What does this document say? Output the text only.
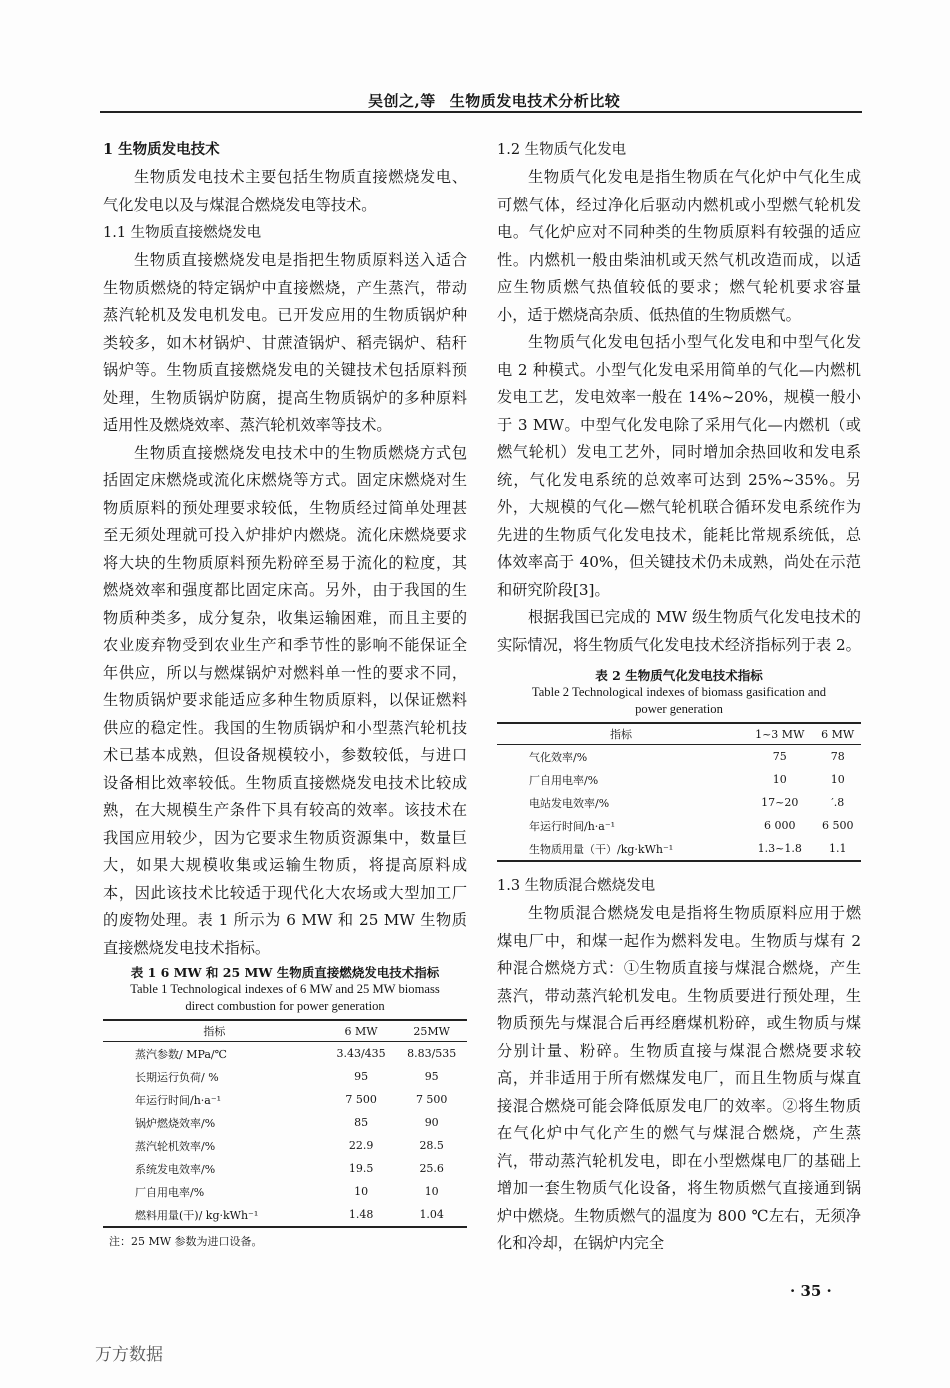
吴创之,等 生物质发电技术分析比较
1 生物质发电技术

生物质发电技术主要包括生物质直接燃烧发电、气化发电以及与煤混合燃烧发电等技术。

1.1 生物质直接燃烧发电

生物质直接燃烧发电是指把生物质原料送入适合生物质燃烧的特定锅炉中直接燃烧，产生蒸汽，带动蒸汽轮机及发电机发电。已开发应用的生物质锅炉种类较多，如木材锅炉、甘蔗渣锅炉、稻壳锅炉、秸秆锅炉等。生物质直接燃烧发电的关键技术包括原料预处理，生物质锅炉防腐，提高生物质锅炉的多种原料适用性及燃烧效率、蒸汽轮机效率等技术。

生物质直接燃烧发电技术中的生物质燃烧方式包括固定床燃烧或流化床燃烧等方式。固定床燃烧对生物质原料的预处理要求较低，生物质经过简单处理甚至无须处理就可投入炉排炉内燃烧。流化床燃烧要求将大块的生物质原料预先粉碎至易于流化的粒度，其燃烧效率和强度都比固定床高。另外，由于我国的生物质种类多，成分复杂，收集运输困难，而且主要的农业废弃物受到农业生产和季节性的影响不能保证全年供应，所以与燃煤锅炉对燃料单一性的要求不同，生物质锅炉要求能适应多种生物质原料，以保证燃料供应的稳定性。我国的生物质锅炉和小型蒸汽轮机技术已基本成熟，但设备规模较小，参数较低，与进口设备相比效率较低。生物质直接燃烧发电技术比较成熟，在大规模生产条件下具有较高的效率。该技术在我国应用较少，因为它要求生物质资源集中，数量巨大，如果大规模收集或运输生物质，将提高原料成本，因此该技术比较适于现代化大农场或大型加工厂的废物处理。表 1 所示为 6 MW 和 25 MW 生物质直接燃烧发电技术指标。

表 1 6 MW 和 25 MW 生物质直接燃烧发电技术指标
Table 1 Technological indexes of 6 MW and 25 MW biomass
direct combustion for power generation
指标	6 MW	25MW
蒸汽参数/ MPa/℃	3.43/435	8.83/535
长期运行负荷/ %	95	95
年运行时间/h·a⁻¹	7 500	7 500
锅炉燃烧效率/%	85	90
蒸汽轮机效率/%	22.9	28.5
系统发电效率/%	19.5	25.6
厂自用电率/%	10	10
燃料用量(干)/ kg·kWh⁻¹	1.48	1.04
注：25 MW 参数为进口设备。
1.2 生物质气化发电

生物质气化发电是指生物质在气化炉中气化生成可燃气体，经过净化后驱动内燃机或小型燃气轮机发电。气化炉应对不同种类的生物质原料有较强的适应性。内燃机一般由柴油机或天然气机改造而成，以适应生物质燃气热值较低的要求；燃气轮机要求容量小，适于燃烧高杂质、低热值的生物质燃气。

生物质气化发电包括小型气化发电和中型气化发电 2 种模式。小型气化发电采用简单的气化—内燃机发电工艺，发电效率一般在 14%~20%，规模一般小于 3 MW。中型气化发电除了采用气化—内燃机（或燃气轮机）发电工艺外，同时增加余热回收和发电系统，气化发电系统的总效率可达到 25%~35%。另外，大规模的气化—燃气轮机联合循环发电系统作为先进的生物质气化发电技术，能耗比常规系统低，总体效率高于 40%，但关键技术仍未成熟，尚处在示范和研究阶段[3]。

根据我国已完成的 MW 级生物质气化发电技术的实际情况，将生物质气化发电技术经济指标列于表 2。

表 2 生物质气化发电技术指标
Table 2 Technological indexes of biomass gasification and
power generation
指标	1~3 MW	6 MW
气化效率/%	75	78
厂自用电率/%	10	10
电站发电效率/%	17~20	′.8
年运行时间/h·a⁻¹	6 000	6 500
生物质用量（干）/kg·kWh⁻¹	1.3~1.8	1.1
1.3 生物质混合燃烧发电

生物质混合燃烧发电是指将生物质原料应用于燃煤电厂中，和煤一起作为燃料发电。生物质与煤有 2 种混合燃烧方式：①生物质直接与煤混合燃烧，产生蒸汽，带动蒸汽轮机发电。生物质要进行预处理，生物质预先与煤混合后再经磨煤机粉碎，或生物质与煤分别计量、粉碎。生物质直接与煤混合燃烧要求较高，并非适用于所有燃煤发电厂，而且生物质与煤直接混合燃烧可能会降低原发电厂的效率。②将生物质在气化炉中气化产生的燃气与煤混合燃烧，产生蒸汽，带动蒸汽轮机发电，即在小型燃煤电厂的基础上增加一套生物质气化设备，将生物质燃气直接通到锅炉中燃烧。生物质燃气的温度为 800 ℃左右，无须净化和冷却，在锅炉内完全

· 35 ·
万方数据
